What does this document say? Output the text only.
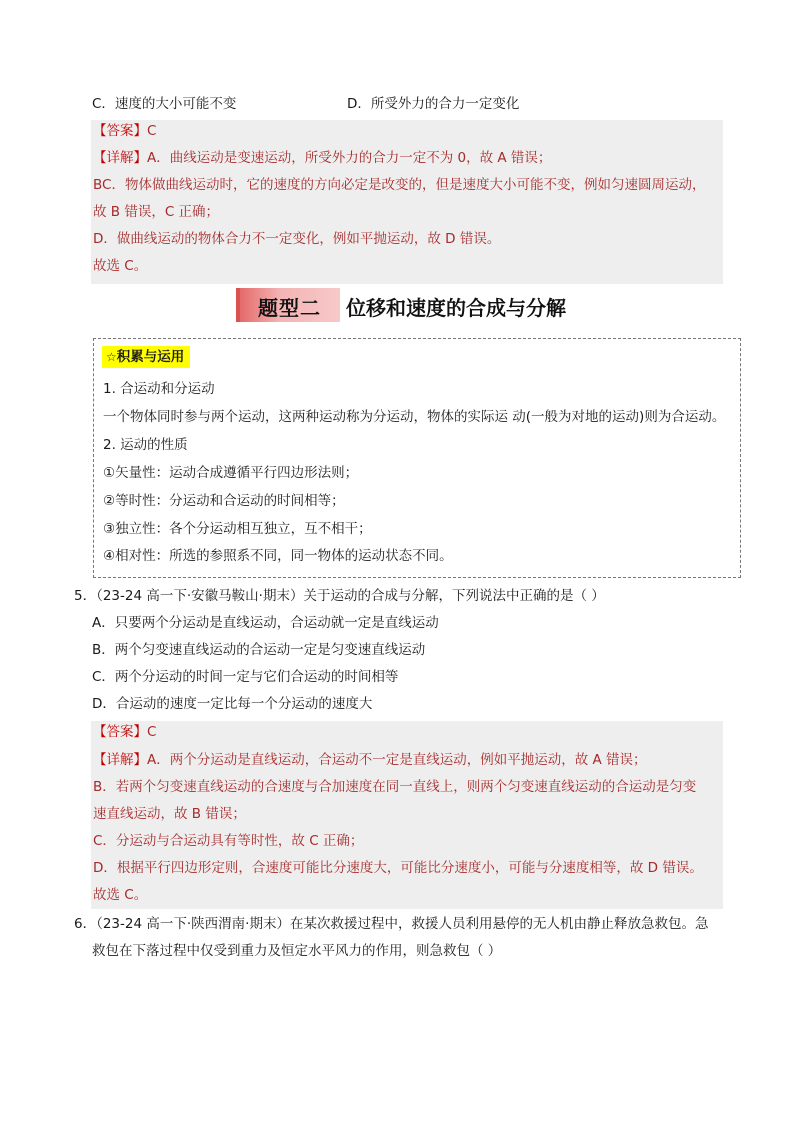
C．速度的大小可能不变	D．所受外力的合力一定变化
【答案】C
【详解】A．曲线运动是变速运动，所受外力的合力一定不为 0，故 A 错误；
BC．物体做曲线运动时，它的速度的方向必定是改变的，但是速度大小可能不变，例如匀速圆周运动，
故 B 错误，C 正确；
D．做曲线运动的物体合力不一定变化，例如平抛运动，故 D 错误。
故选 C。
题型二 位移和速度的合成与分解
☆积累与运用
1. 合运动和分运动
一个物体同时参与两个运动，这两种运动称为分运动，物体的实际运 动(一般为对地的运动)则为合运动。
2. 运动的性质
①矢量性：运动合成遵循平行四边形法则；
②等时性：分运动和合运动的时间相等；
③独立性：各个分运动相互独立，互不相干；
④相对性：所选的参照系不同，同一物体的运动状态不同。
5．（23-24 高一下·安徽马鞍山·期末）关于运动的合成与分解，下列说法中正确的是（ ）
A．只要两个分运动是直线运动，合运动就一定是直线运动
B．两个匀变速直线运动的合运动一定是匀变速直线运动
C．两个分运动的时间一定与它们合运动的时间相等
D．合运动的速度一定比每一个分运动的速度大
【答案】C
【详解】A．两个分运动是直线运动，合运动不一定是直线运动，例如平抛运动，故 A 错误；
B．若两个匀变速直线运动的合速度与合加速度在同一直线上，则两个匀变速直线运动的合运动是匀变
速直线运动，故 B 错误；
C．分运动与合运动具有等时性，故 C 正确；
D．根据平行四边形定则，合速度可能比分速度大，可能比分速度小，可能与分速度相等，故 D 错误。
故选 C。
6．（23-24 高一下·陕西渭南·期末）在某次救援过程中，救援人员利用悬停的无人机由静止释放急救包。急
救包在下落过程中仅受到重力及恒定水平风力的作用，则急救包（ ）
